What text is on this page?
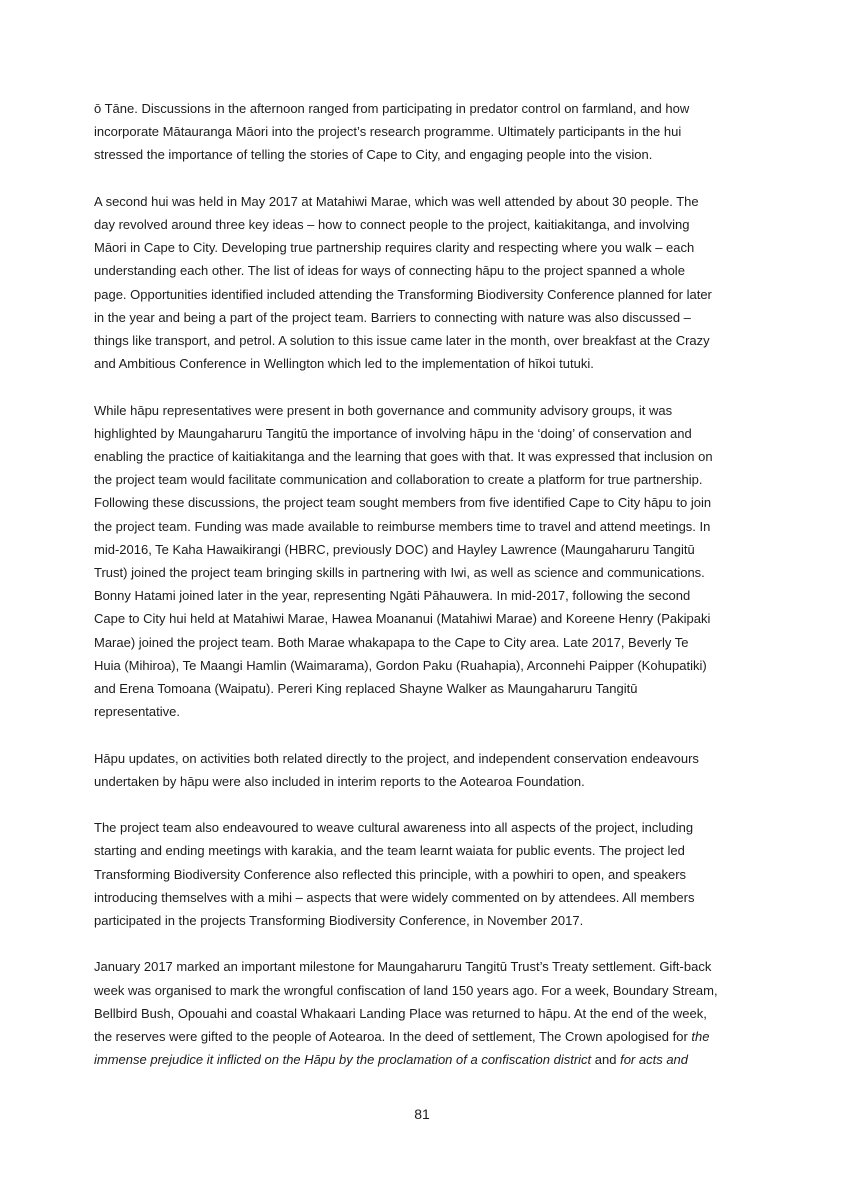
ō Tāne. Discussions in the afternoon ranged from participating in predator control on farmland, and how
incorporate Mātauranga Māori into the project’s research programme. Ultimately participants in the hui
stressed the importance of telling the stories of Cape to City, and engaging people into the vision.

A second hui was held in May 2017 at Matahiwi Marae, which was well attended by about 30 people. The
day revolved around three key ideas – how to connect people to the project, kaitiakitanga, and involving
Māori in Cape to City. Developing true partnership requires clarity and respecting where you walk – each
understanding each other. The list of ideas for ways of connecting hāpu to the project spanned a whole
page. Opportunities identified included attending the Transforming Biodiversity Conference planned for later
in the year and being a part of the project team. Barriers to connecting with nature was also discussed –
things like transport, and petrol. A solution to this issue came later in the month, over breakfast at the Crazy
and Ambitious Conference in Wellington which led to the implementation of hīkoi tutuki.

While hāpu representatives were present in both governance and community advisory groups, it was
highlighted by Maungaharuru Tangitū the importance of involving hāpu in the ‘doing’ of conservation and
enabling the practice of kaitiakitanga and the learning that goes with that. It was expressed that inclusion on
the project team would facilitate communication and collaboration to create a platform for true partnership.
Following these discussions, the project team sought members from five identified Cape to City hāpu to join
the project team. Funding was made available to reimburse members time to travel and attend meetings. In
mid-2016, Te Kaha Hawaikirangi (HBRC, previously DOC) and Hayley Lawrence (Maungaharuru Tangitū
Trust) joined the project team bringing skills in partnering with Iwi, as well as science and communications.
Bonny Hatami joined later in the year, representing Ngāti Pāhauwera. In mid-2017, following the second
Cape to City hui held at Matahiwi Marae, Hawea Moananui (Matahiwi Marae) and Koreene Henry (Pakipaki
Marae) joined the project team. Both Marae whakapapa to the Cape to City area. Late 2017, Beverly Te
Huia (Mihiroa), Te Maangi Hamlin (Waimarama), Gordon Paku (Ruahapia), Arconnehi Paipper (Kohupatiki)
and Erena Tomoana (Waipatu). Pereri King replaced Shayne Walker as Maungaharuru Tangitū
representative.

Hāpu updates, on activities both related directly to the project, and independent conservation endeavours
undertaken by hāpu were also included in interim reports to the Aotearoa Foundation.

The project team also endeavoured to weave cultural awareness into all aspects of the project, including
starting and ending meetings with karakia, and the team learnt waiata for public events. The project led
Transforming Biodiversity Conference also reflected this principle, with a powhiri to open, and speakers
introducing themselves with a mihi – aspects that were widely commented on by attendees. All members
participated in the projects Transforming Biodiversity Conference, in November 2017.

January 2017 marked an important milestone for Maungaharuru Tangitū Trust’s Treaty settlement. Gift-back
week was organised to mark the wrongful confiscation of land 150 years ago. For a week, Boundary Stream,
Bellbird Bush, Opouahi and coastal Whakaari Landing Place was returned to hāpu. At the end of the week,
the reserves were gifted to the people of Aotearoa. In the deed of settlement, The Crown apologised for the
immense prejudice it inflicted on the Hāpu by the proclamation of a confiscation district and for acts and

81
